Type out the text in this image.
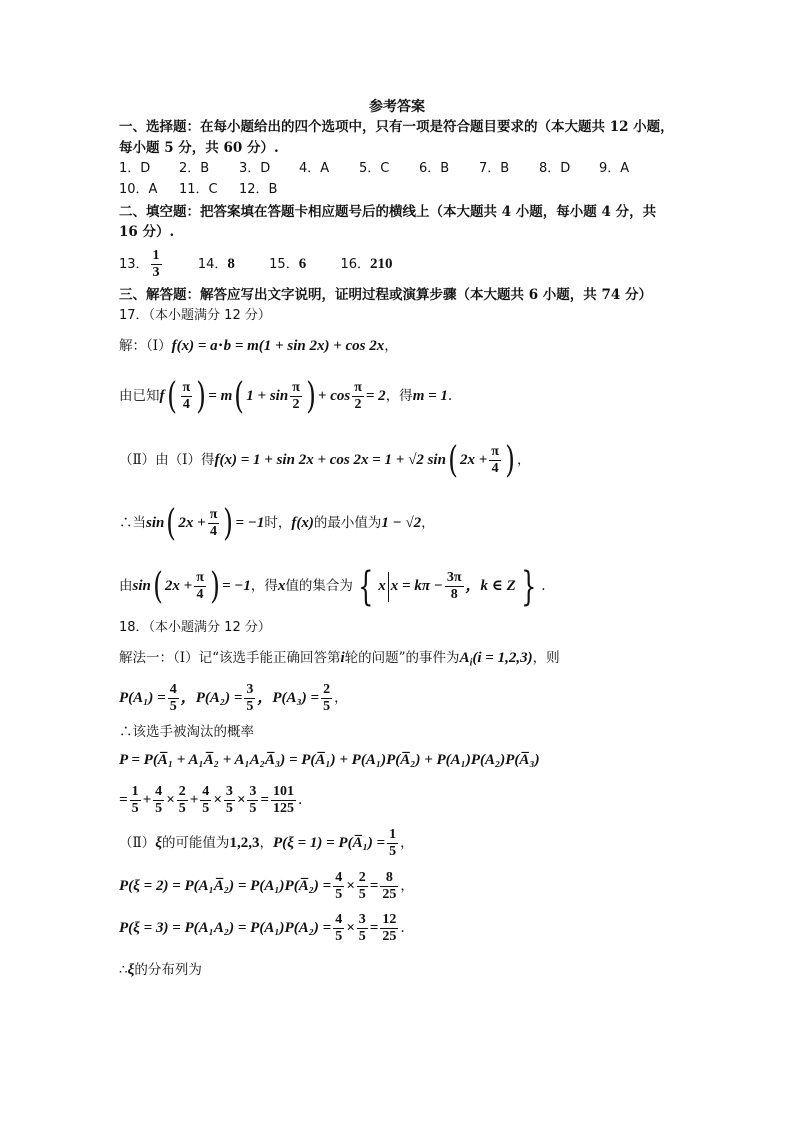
参考答案
一、选择题：在每小题给出的四个选项中，只有一项是符合题目要求的（本大题共 12 小题，
每小题 5 分，共 60 分）.
1．D 2．B 3．D 4．A 5．C 6．B 7．B 8．D 9．A
10．A 11．C 12．B
二、填空题：把答案填在答题卡相应题号后的横线上（本大题共 4 小题，每小题 4 分，共
16 分）.
13． $\frac{1}{3}$	14．8	15．6	16．210
三、解答题：解答应写出文字说明，证明过程或演算步骤（本大题共 6 小题，共 74 分）
17．（本小题满分 12 分）
解：（Ⅰ）f(x) = a⋅b = m(1 + sin 2x) + cos 2x，
由已知$f( \frac{\pi}{4}$ ) = m( $1 + \sin \frac{\pi}{2}$ ) + $\cos \frac{\pi}{2} = 2$，得m = 1.
（Ⅱ）由（Ⅰ）得f(x) = 1 + sin 2x + cos 2x = 1 + √2 sin( $2x + \frac{\pi}{4}$ ) ，
∴当sin( $2x + \frac{\pi}{4}$ ) = −1时，f(x)的最小值为1 − √2，
由sin( $2x + \frac{\pi}{4}$ ) = −1，得x值的集合为 { x $x = k\pi - \frac{3\pi}{8}$ ，k ∈ Z } .
18．（本小题满分 12 分）
解法一：（Ⅰ）记“该选手能正确回答第i轮的问题”的事件为$A_i(i = 1,2,3)$，则
$P(A_1) = \frac{4}{5}$ ，$P(A_2) = \frac{3}{5}$ ，$P(A_3) = \frac{2}{5}$ ，
∴该选手被淘汰的概率
P = P(A̅₁ + A₁A̅₂ + A₁A₂A̅₃) = P(A̅₁) + P(A₁)P(A̅₂) + P(A₁)P(A₂)P(A̅₃)
= $\frac{1}{5} + \frac{4}{5} \times \frac{2}{5} + \frac{4}{5} \times \frac{3}{5} \times \frac{3}{5} = \frac{101}{125}$ .
（Ⅱ）ξ的可能值为1,2,3，P(ξ = 1) = P(A̅₁) = $\frac{1}{5}$ ，
P(ξ = 2) = P(A₁A̅₂) = P(A₁)P(A̅₂) = $\frac{4}{5} \times \frac{2}{5} = \frac{8}{25}$ ，
$P(\xi = 3) = P(A_1A_2) = P(A_1)P(A_2) = \frac{4}{5} \times \frac{3}{5} = \frac{12}{25}$ .
∴ξ的分布列为
